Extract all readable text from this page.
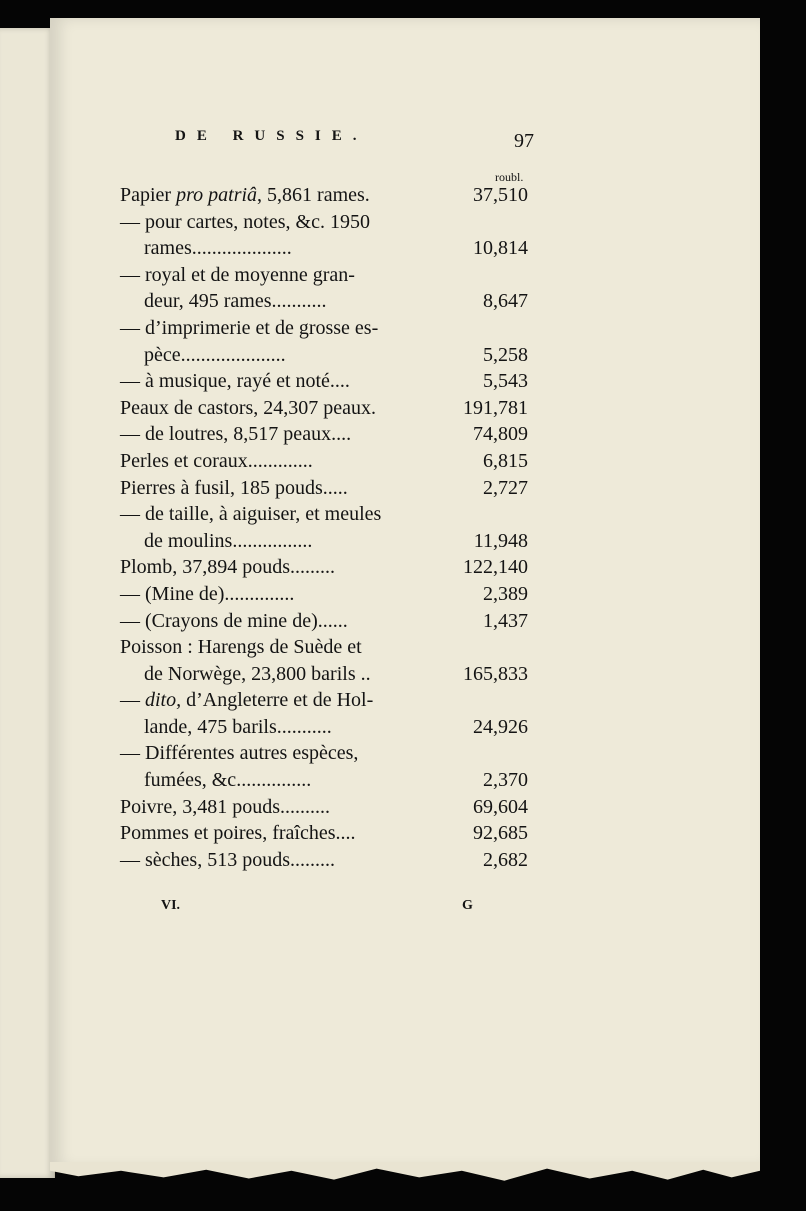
DE RUSSIE.	97
roubl.
Papier pro patriâ, 5,861 rames.	37,510
— pour cartes, notes, &c. 1950
rames....................	10,814
— royal et de moyenne gran-
deur, 495 rames...........	8,647
— d’imprimerie et de grosse es-
pèce.....................	5,258
— à musique, rayé et noté....	5,543
Peaux de castors, 24,307 peaux.	191,781
— de loutres, 8,517 peaux....	74,809
Perles et coraux.............	6,815
Pierres à fusil, 185 pouds.....	2,727
— de taille, à aiguiser, et meules
de moulins................	11,948
Plomb, 37,894 pouds.........	122,140
— (Mine de)..............	2,389
— (Crayons de mine de)......	1,437
Poisson : Harengs de Suède et
de Norwège, 23,800 barils ..	165,833
— dito, d’Angleterre et de Hol-
lande, 475 barils...........	24,926
— Différentes autres espèces,
fumées, &c...............	2,370
Poivre, 3,481 pouds..........	69,604
Pommes et poires, fraîches....	92,685
— sèches, 513 pouds.........	2,682
VI.	G
